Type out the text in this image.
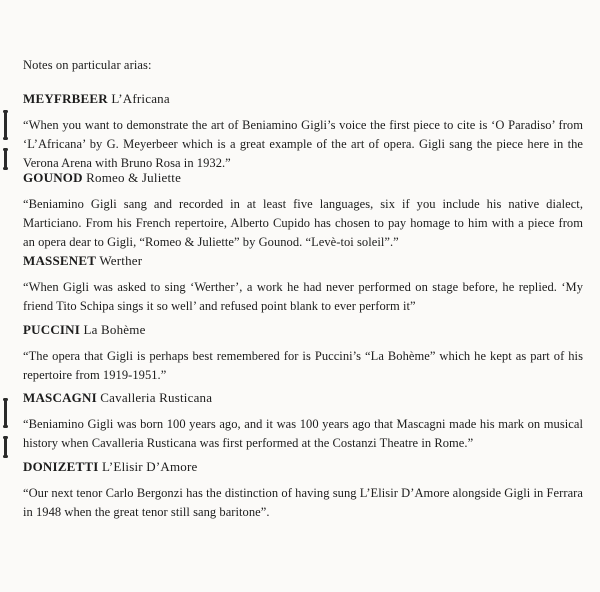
Notes on particular arias:
MEYFRBEER L’Africana

“When you want to demonstrate the art of Beniamino Gigli’s voice the first piece to cite is ‘O Paradiso’ from ‘L’Africana’ by G. Meyerbeer which is a great example of the art of opera. Gigli sang the piece here in the Verona Arena with Bruno Rosa in 1932.”

GOUNOD Romeo & Juliette

“Beniamino Gigli sang and recorded in at least five languages, six if you include his native dialect, Marticiano. From his French repertoire, Alberto Cupido has chosen to pay homage to him with a piece from an opera dear to Gigli, “Romeo & Juliette” by Gounod. “Levè-toi soleil”.”

MASSENET Werther

“When Gigli was asked to sing ‘Werther’, a work he had never performed on stage before, he replied. ‘My friend Tito Schipa sings it so well’ and refused point blank to ever perform it”

PUCCINI La Bohème

“The opera that Gigli is perhaps best remembered for is Puccini’s “La Bohème” which he kept as part of his repertoire from 1919-1951.”

MASCAGNI Cavalleria Rusticana

“Beniamino Gigli was born 100 years ago, and it was 100 years ago that Mascagni made his mark on musical history when Cavalleria Rusticana was first performed at the Costanzi Theatre in Rome.”

DONIZETTI L’Elisir D’Amore

“Our next tenor Carlo Bergonzi has the distinction of having sung L’Elisir D’Amore alongside Gigli in Ferrara in 1948 when the great tenor still sang baritone”.
